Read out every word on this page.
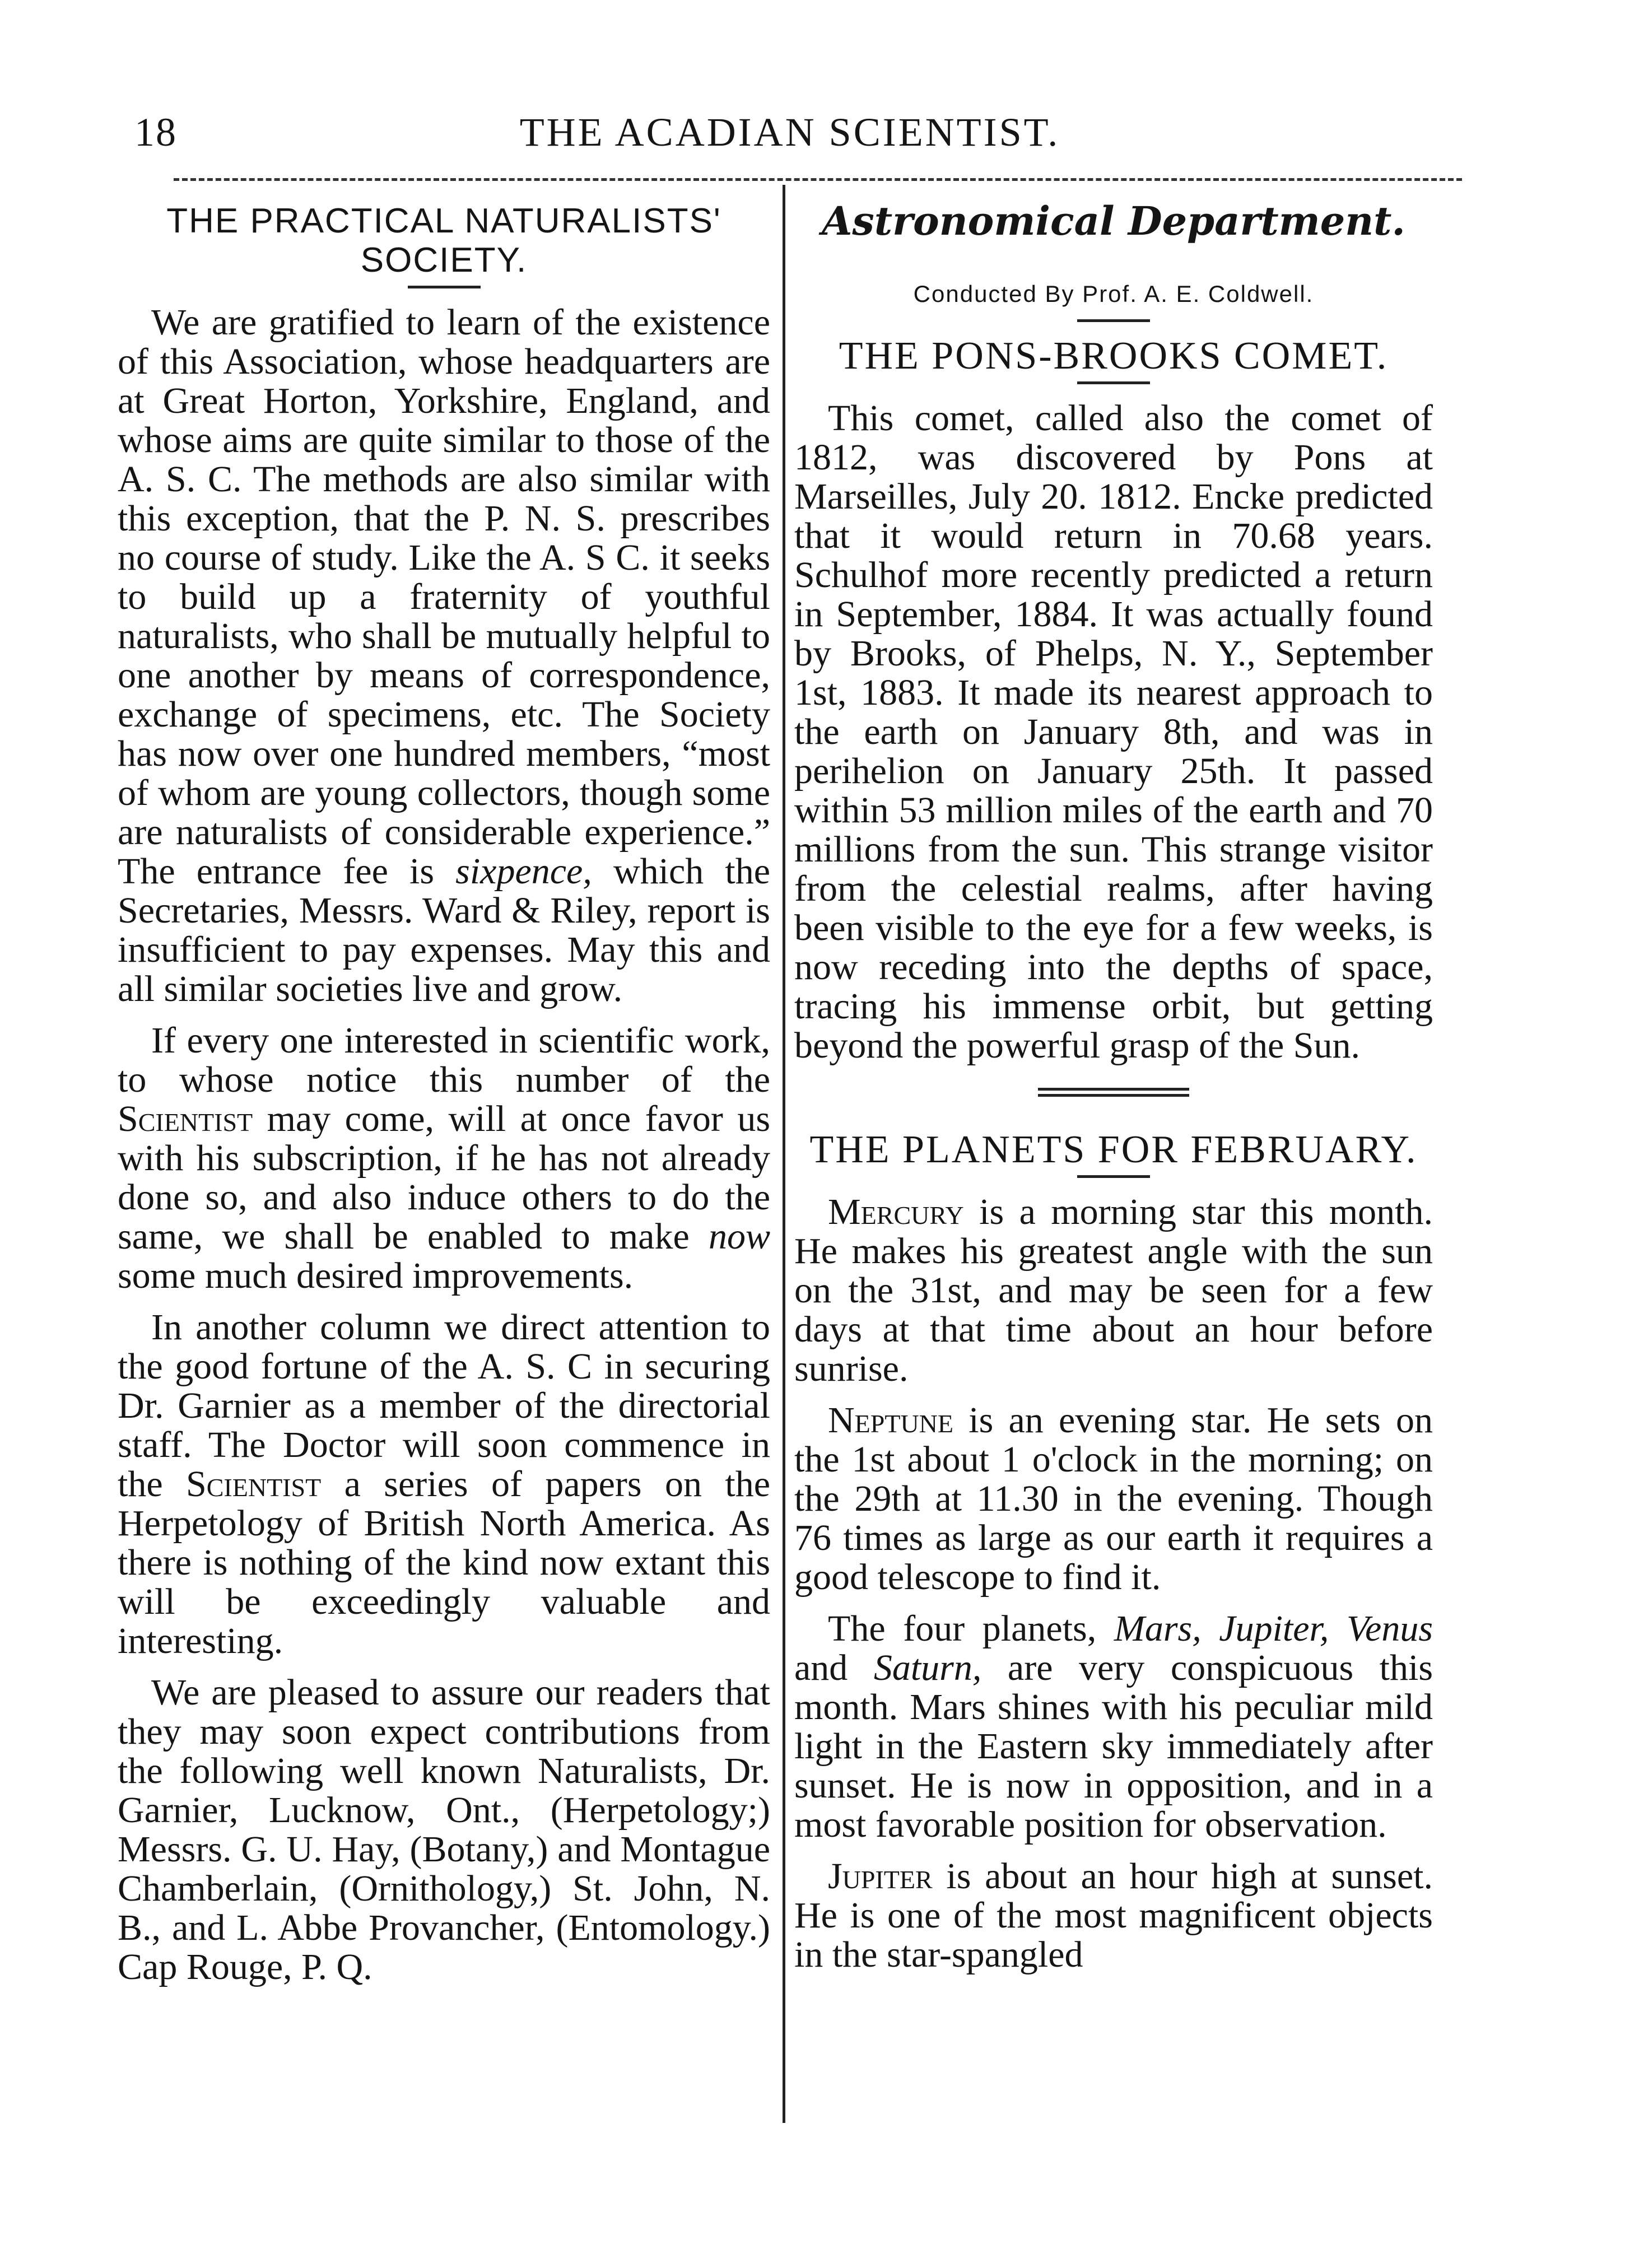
18	THE ACADIAN SCIENTIST.
THE PRACTICAL NATURALISTS' SOCIETY.

We are gratified to learn of the existence of this Association, whose headquarters are at Great Horton, Yorkshire, England, and whose aims are quite similar to those of the A. S. C. The methods are also similar with this exception, that the P. N. S. prescribes no course of study. Like the A. S C. it seeks to build up a fraternity of youthful naturalists, who shall be mutually helpful to one another by means of correspondence, exchange of specimens, etc. The Society has now over one hundred members, “most of whom are young collectors, though some are naturalists of considerable experience.” The entrance fee is sixpence, which the Secretaries, Messrs. Ward & Riley, report is insufficient to pay expenses. May this and all similar societies live and grow.

If every one interested in scientific work, to whose notice this number of the Scientist may come, will at once favor us with his subscription, if he has not already done so, and also induce others to do the same, we shall be enabled to make now some much desired improvements.

In another column we direct attention to the good fortune of the A. S. C in securing Dr. Garnier as a member of the directorial staff. The Doctor will soon commence in the Scientist a series of papers on the Herpetology of British North America. As there is nothing of the kind now extant this will be exceedingly valuable and interesting.

We are pleased to assure our readers that they may soon expect contributions from the following well known Naturalists, Dr. Garnier, Lucknow, Ont., (Herpetology;) Messrs. G. U. Hay, (Botany,) and Montague Chamberlain, (Ornithology,) St. John, N. B., and L. Abbe Provancher, (Entomology.) Cap Rouge, P. Q.

Astronomical Department.
Conducted By Prof. A. E. Coldwell.
THE PONS-BROOKS COMET.

This comet, called also the comet of 1812, was discovered by Pons at Marseilles, July 20. 1812. Encke predicted that it would return in 70.68 years. Schulhof more recently predicted a return in September, 1884. It was actually found by Brooks, of Phelps, N. Y., September 1st, 1883. It made its nearest approach to the earth on January 8th, and was in perihelion on January 25th. It passed within 53 million miles of the earth and 70 millions from the sun. This strange visitor from the celestial realms, after having been visible to the eye for a few weeks, is now receding into the depths of space, tracing his immense orbit, but getting beyond the powerful grasp of the Sun.

THE PLANETS FOR FEBRUARY.

Mercury is a morning star this month. He makes his greatest angle with the sun on the 31st, and may be seen for a few days at that time about an hour before sunrise.

Neptune is an evening star. He sets on the 1st about 1 o'clock in the morning; on the 29th at 11.30 in the evening. Though 76 times as large as our earth it requires a good telescope to find it.

The four planets, Mars, Jupiter, Venus and Saturn, are very conspicuous this month. Mars shines with his peculiar mild light in the Eastern sky immediately after sunset. He is now in opposition, and in a most favorable position for observation.

Jupiter is about an hour high at sunset. He is one of the most magnificent objects in the star-spangled
